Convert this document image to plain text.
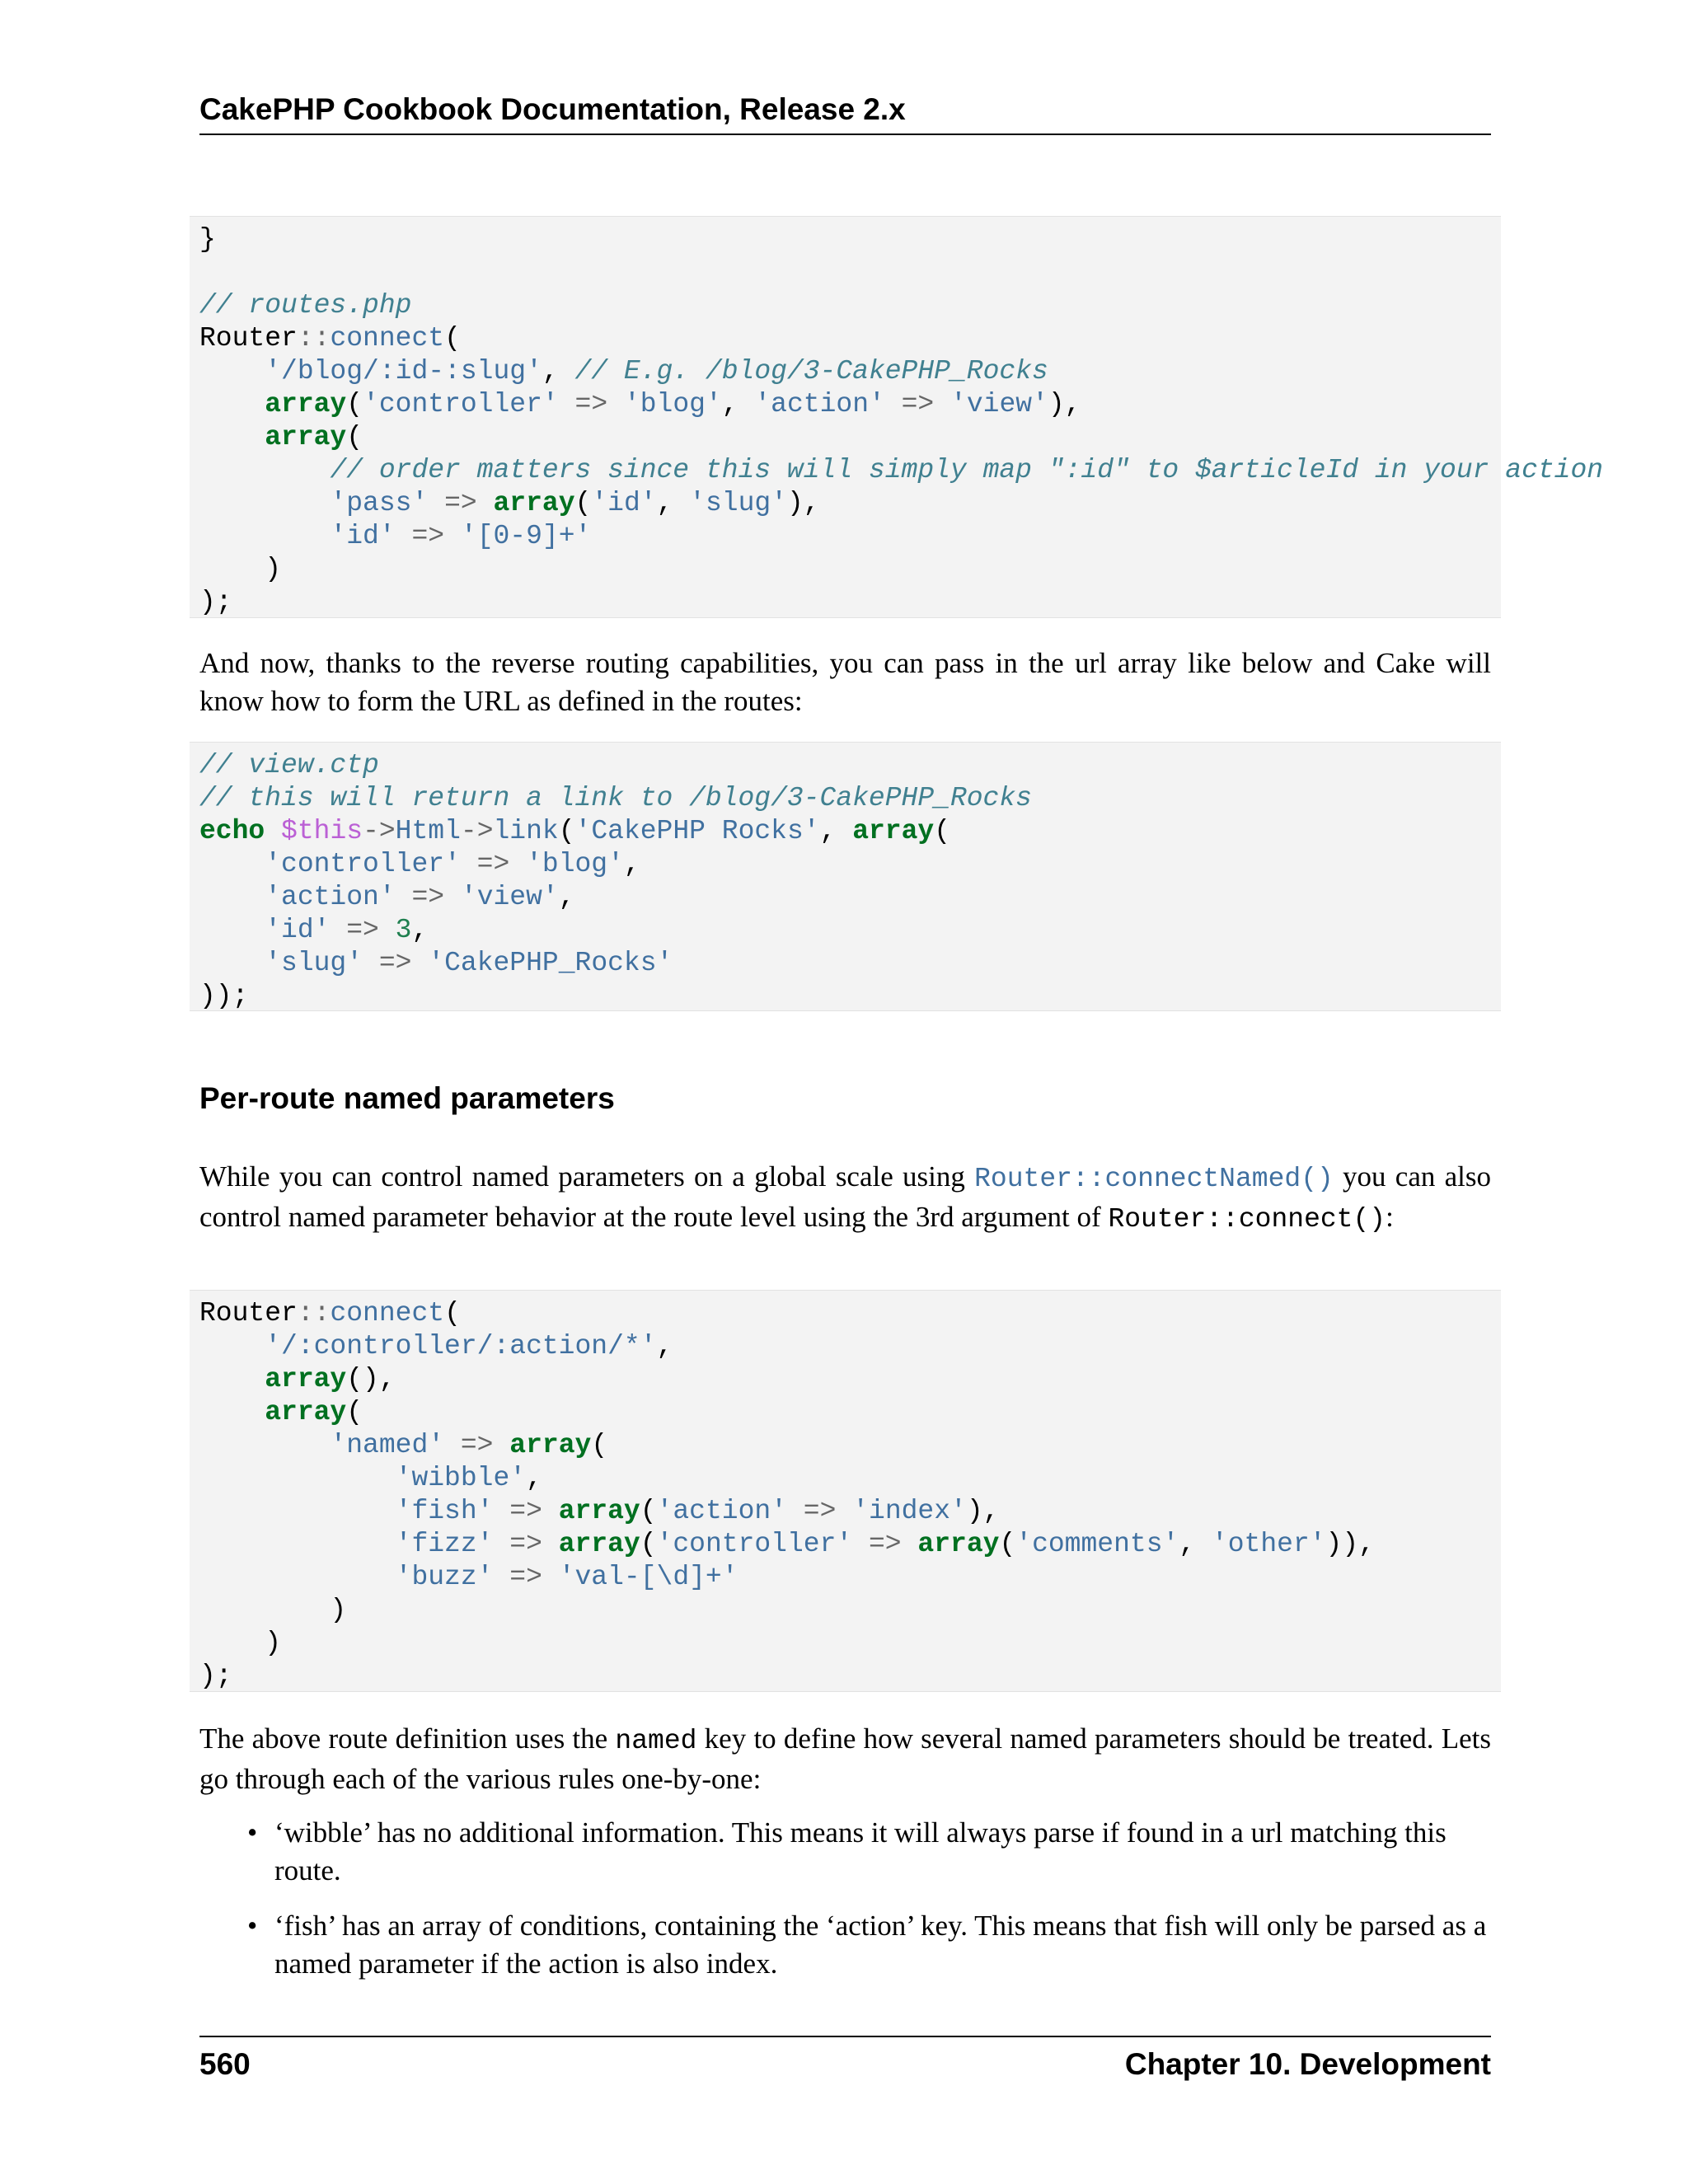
CakePHP Cookbook Documentation, Release 2.x
}
// routes.php
Router::connect(
'/blog/:id-:slug', // E.g. /blog/3-CakePHP_Rocks
array('controller' => 'blog', 'action' => 'view'),
array(
// order matters since this will simply map ":id" to $articleId in your action
'pass' => array('id', 'slug'),
'id' => '[0-9]+'
)
);
And now, thanks to the reverse routing capabilities, you can pass in the url array like below and Cake will know how to form the URL as defined in the routes:
// view.ctp
// this will return a link to /blog/3-CakePHP_Rocks
echo $this->Html->link('CakePHP Rocks', array(
'controller' => 'blog',
'action' => 'view',
'id' => 3,
'slug' => 'CakePHP_Rocks'
));
Per-route named parameters
While you can control named parameters on a global scale using Router::connectNamed() you can also control named parameter behavior at the route level using the 3rd argument of Router::connect():
Router::connect(
'/:controller/:action/*',
array(),
array(
'named' => array(
'wibble',
'fish' => array('action' => 'index'),
'fizz' => array('controller' => array('comments', 'other')),
'buzz' => 'val-[\d]+'
)
)
);
The above route definition uses the named key to define how several named parameters should be treated. Lets go through each of the various rules one-by-one:
• ‘wibble’ has no additional information. This means it will always parse if found in a url matching this route.
• ‘fish’ has an array of conditions, containing the ‘action’ key. This means that fish will only be parsed as a named parameter if the action is also index.
560	Chapter 10. Development
